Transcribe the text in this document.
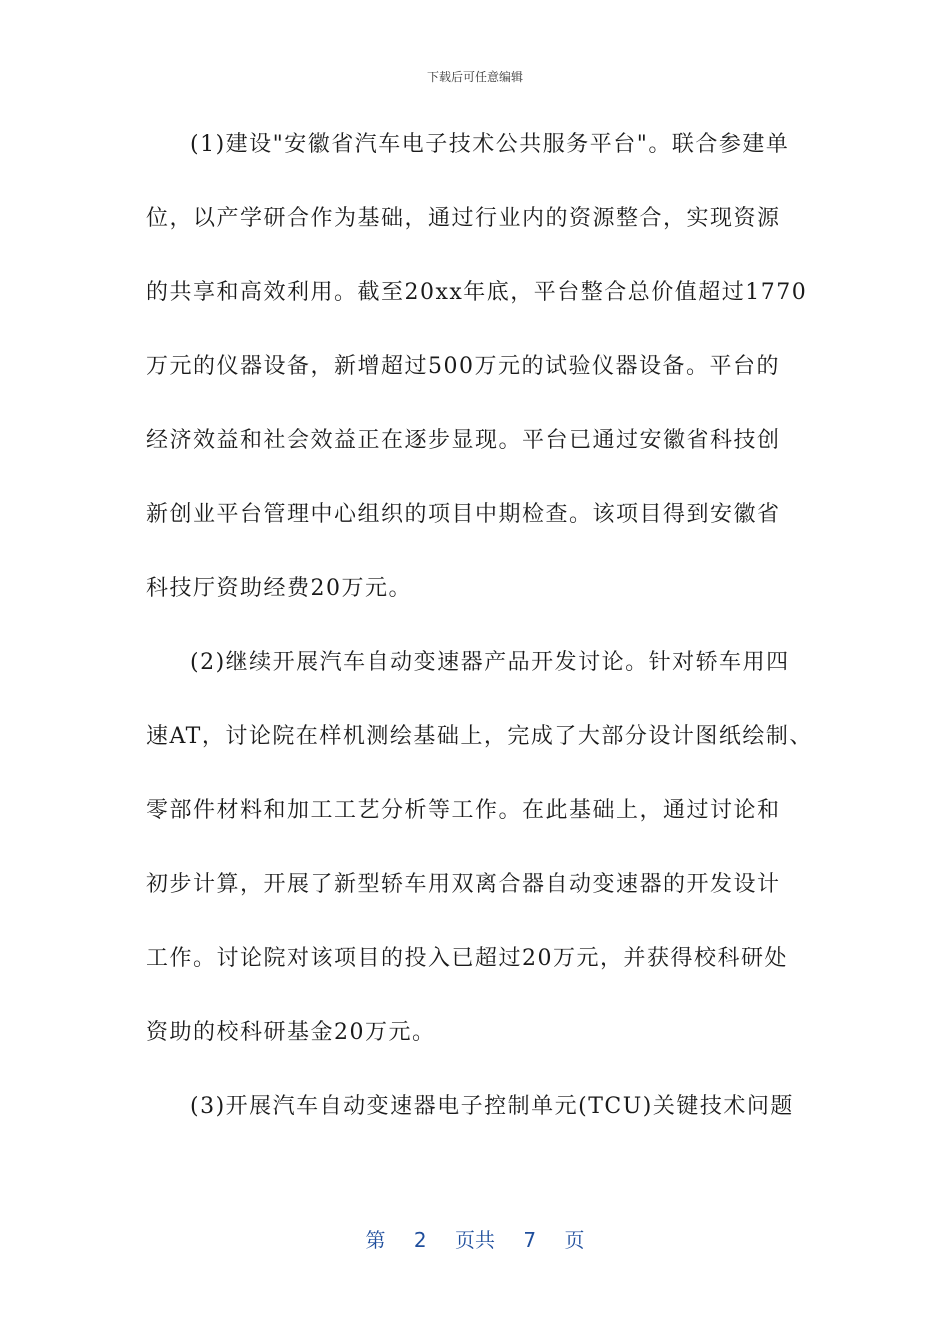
下载后可任意编辑
(1)建设"安徽省汽车电子技术公共服务平台"。联合参建单
位，以产学研合作为基础，通过行业内的资源整合，实现资源
的共享和高效利用。截至20xx年底，平台整合总价值超过1770
万元的仪器设备，新增超过500万元的试验仪器设备。平台的
经济效益和社会效益正在逐步显现。平台已通过安徽省科技创
新创业平台管理中心组织的项目中期检查。该项目得到安徽省
科技厅资助经费20万元。
(2)继续开展汽车自动变速器产品开发讨论。针对轿车用四
速AT，讨论院在样机测绘基础上，完成了大部分设计图纸绘制、
零部件材料和加工工艺分析等工作。在此基础上，通过讨论和
初步计算，开展了新型轿车用双离合器自动变速器的开发设计
工作。讨论院对该项目的投入已超过20万元，并获得校科研处
资助的校科研基金20万元。
(3)开展汽车自动变速器电子控制单元(TCU)关键技术问题
第 2 页共 7 页
